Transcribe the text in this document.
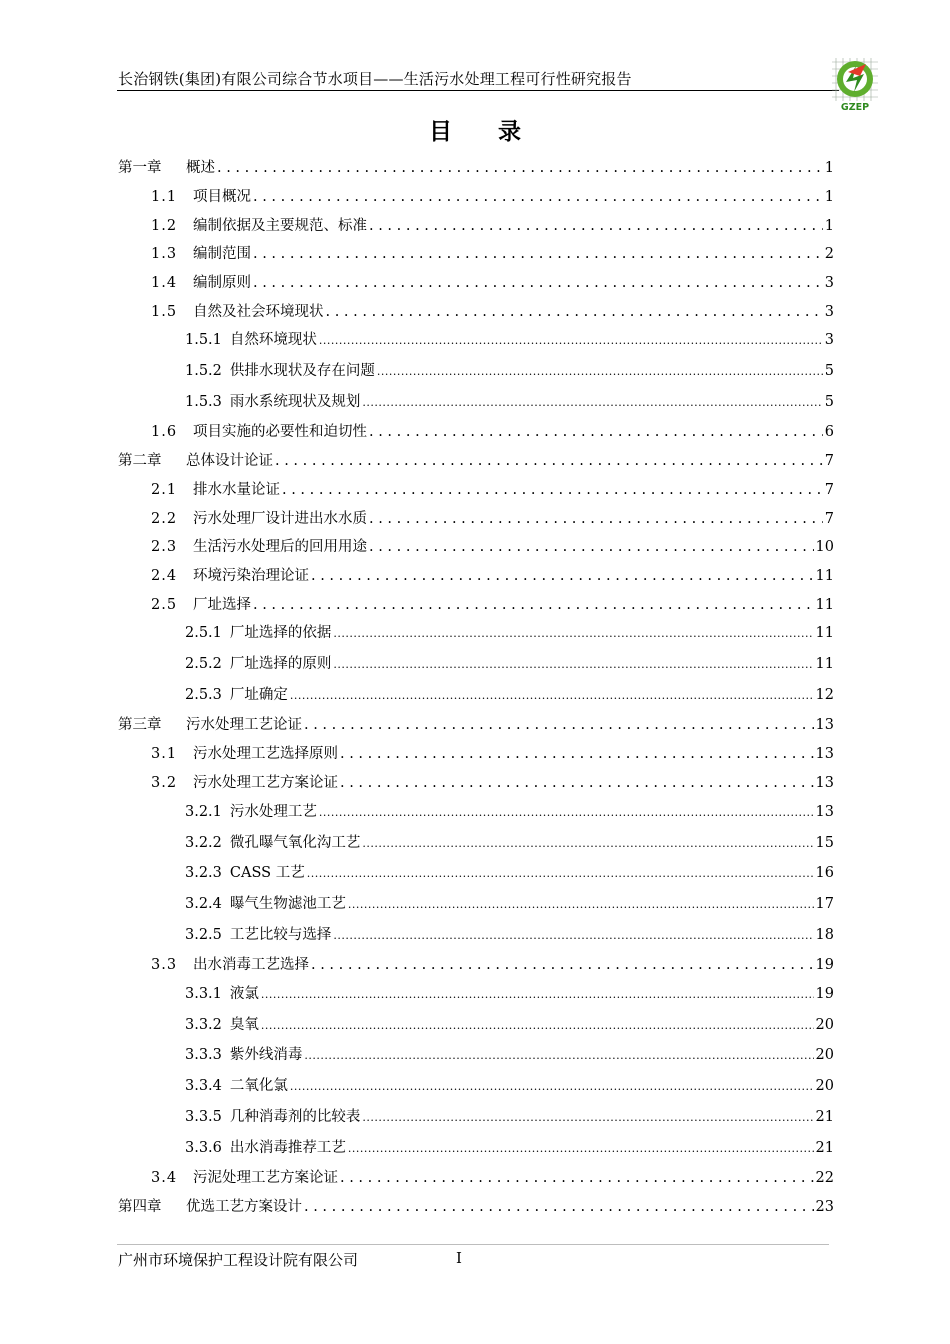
长治钢铁(集团)有限公司综合节水项目——生活污水处理工程可行性研究报告
GZEP
目录
第一章	概述 . . .	1
1.1	项目概况 . . .	1
1.2	编制依据及主要规范、标准 . . .	1
1.3	编制范围 . . .	2
1.4	编制原则 . . .	3
1.5	自然及社会环境现状 . . .	3
1.5.1 自然环境现状 .....	3
1.5.2 供排水现状及存在问题 .....	5
1.5.3 雨水系统现状及规划 .....	5
1.6	项目实施的必要性和迫切性 . . .	6
第二章	总体设计论证 . . .	7
2.1	排水水量论证 . . .	7
2.2	污水处理厂设计进出水水质 . . .	7
2.3	生活污水处理后的回用用途 . . .	10
2.4	环境污染治理论证 . . .	11
2.5	厂址选择 . . .	11
2.5.1 厂址选择的依据 .....	11
2.5.2 厂址选择的原则 .....	11
2.5.3 厂址确定 .....	12
第三章	污水处理工艺论证 . . .	13
3.1	污水处理工艺选择原则 . . .	13
3.2	污水处理工艺方案论证 . . .	13
3.2.1 污水处理工艺 .....	13
3.2.2 微孔曝气氧化沟工艺 .....	15
3.2.3 CASS 工艺 .....	16
3.2.4 曝气生物滤池工艺 .....	17
3.2.5 工艺比较与选择 .....	18
3.3	出水消毒工艺选择 . . .	19
3.3.1 液氯 .....	19
3.3.2 臭氧 .....	20
3.3.3 紫外线消毒 .....	20
3.3.4 二氧化氯 .....	20
3.3.5 几种消毒剂的比较表 .....	21
3.3.6 出水消毒推荐工艺 .....	21
3.4	污泥处理工艺方案论证 . . .	22
第四章	优选工艺方案设计 . . .	23
广州市环境保护工程设计院有限公司	I
